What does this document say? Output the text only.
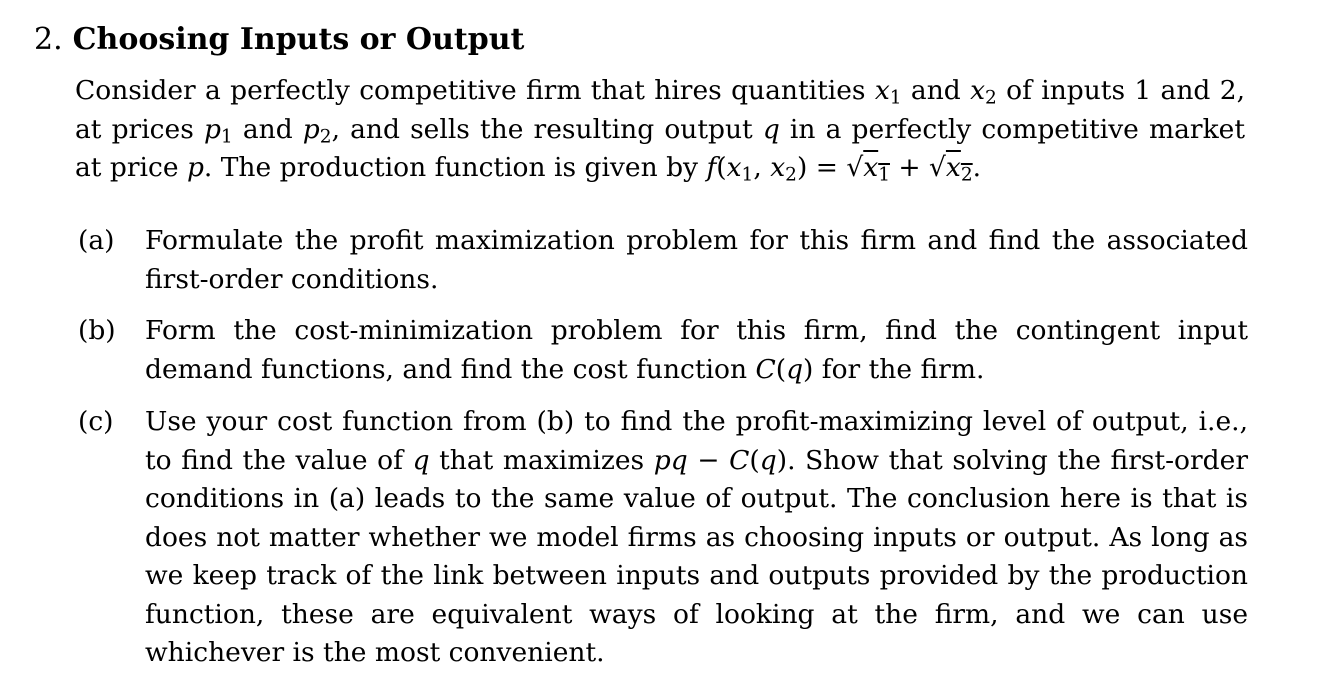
2. Choosing Inputs or Output
Consider a perfectly competitive firm that hires quantities $x_1$ and $x_2$ of inputs 1 and 2, at prices $p_1$ and $p_2$, and sells the resulting output q in a perfectly competitive market at price p. The production function is given by $f(x_1$, $x_2) = √x_1 + √x_2$.
(a)	Formulate the profit maximization problem for this firm and find the associated first-order conditions.
(b)	Form the cost-minimization problem for this firm, find the contingent input demand functions, and find the cost function C(q) for the firm.
(c)	Use your cost function from (b) to find the profit-maximizing level of output, i.e., to find the value of q that maximizes pq − C(q). Show that solving the first-order conditions in (a) leads to the same value of output. The conclusion here is that is does not matter whether we model firms as choosing inputs or output. As long as we keep track of the link between inputs and outputs provided by the production function, these are equivalent ways of looking at the firm, and we can use whichever is the most convenient.
